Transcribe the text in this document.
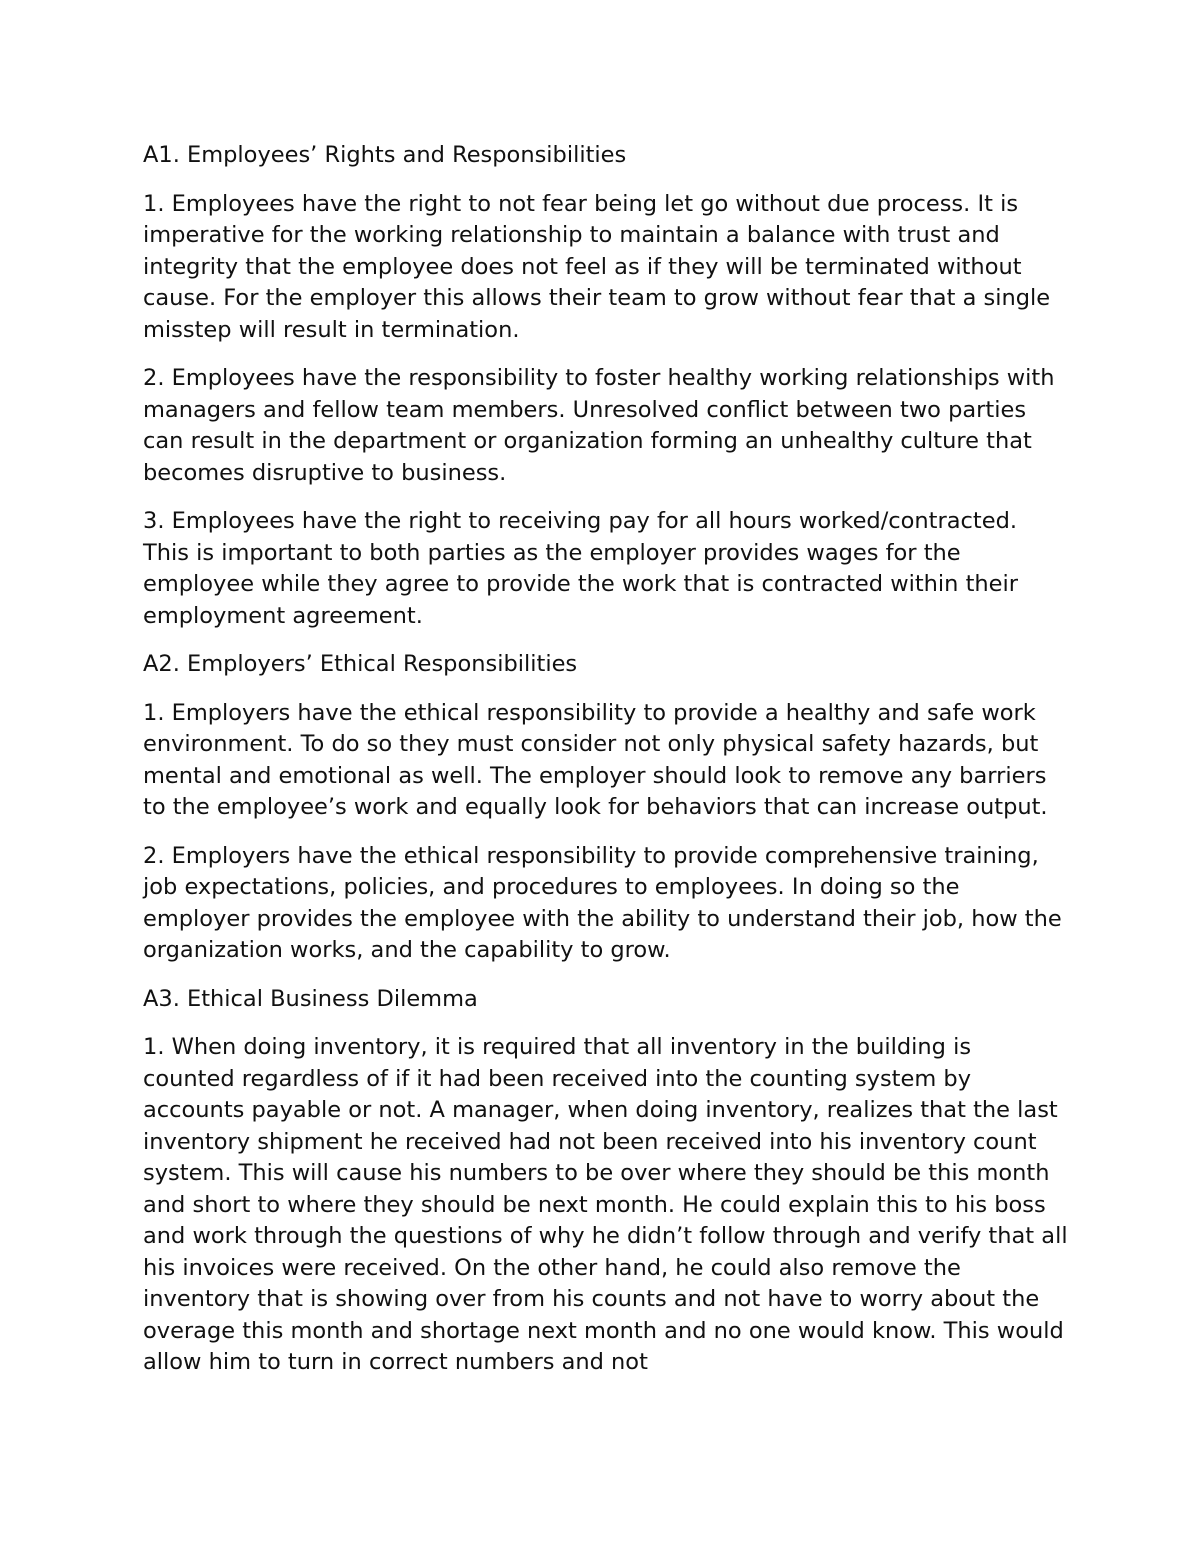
A1. Employees’ Rights and Responsibilities

1. Employees have the right to not fear being let go without due process. It is imperative for the working relationship to maintain a balance with trust and integrity that the employee does not feel as if they will be terminated without cause. For the employer this allows their team to grow without fear that a single misstep will result in termination.

2. Employees have the responsibility to foster healthy working relationships with managers and fellow team members. Unresolved conflict between two parties can result in the department or organization forming an unhealthy culture that becomes disruptive to business.

3. Employees have the right to receiving pay for all hours worked/contracted. This is important to both parties as the employer provides wages for the employee while they agree to provide the work that is contracted within their employment agreement.

A2. Employers’ Ethical Responsibilities

1. Employers have the ethical responsibility to provide a healthy and safe work environment. To do so they must consider not only physical safety hazards, but mental and emotional as well. The employer should look to remove any barriers to the employee’s work and equally look for behaviors that can increase output.

2. Employers have the ethical responsibility to provide comprehensive training, job expectations, policies, and procedures to employees. In doing so the employer provides the employee with the ability to understand their job, how the organization works, and the capability to grow.

A3. Ethical Business Dilemma

1. When doing inventory, it is required that all inventory in the building is counted regardless of if it had been received into the counting system by accounts payable or not. A manager, when doing inventory, realizes that the last inventory shipment he received had not been received into his inventory count system. This will cause his numbers to be over where they should be this month and short to where they should be next month. He could explain this to his boss and work through the questions of why he didn’t follow through and verify that all his invoices were received. On the other hand, he could also remove the inventory that is showing over from his counts and not have to worry about the overage this month and shortage next month and no one would know. This would allow him to turn in correct numbers and not
